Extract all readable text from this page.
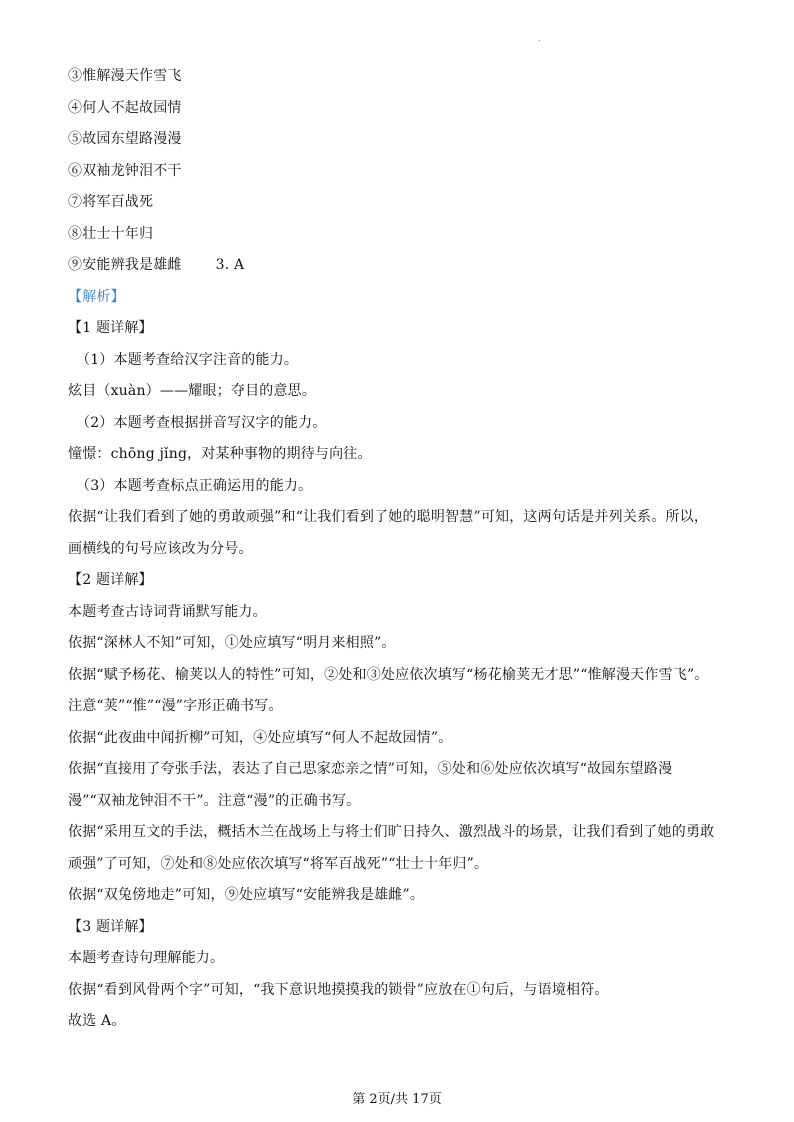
.
③惟解漫天作雪飞
④何人不起故园情
⑤故园东望路漫漫
⑥双袖龙钟泪不干
⑦将军百战死
⑧壮士十年归
⑨安能辨我是雄雌 3. A
【解析】
【1 题详解】
（1）本题考查给汉字注音的能力。
炫目（xuàn）——耀眼；夺目的意思。
（2）本题考查根据拼音写汉字的能力。
憧憬：chōng jǐng，对某种事物的期待与向往。
（3）本题考查标点正确运用的能力。
依据“让我们看到了她的勇敢顽强”和“让我们看到了她的聪明智慧”可知，这两句话是并列关系。所以，
画横线的句号应该改为分号。
【2 题详解】
本题考查古诗词背诵默写能力。
依据“深林人不知”可知，①处应填写“明月来相照”。
依据“赋予杨花、榆荚以人的特性”可知，②处和③处应依次填写“杨花榆荚无才思”“惟解漫天作雪飞”。
注意“荚”“惟”“漫”字形正确书写。
依据“此夜曲中闻折柳”可知，④处应填写“何人不起故园情”。
依据“直接用了夸张手法，表达了自己思家恋亲之情”可知，⑤处和⑥处应依次填写“故园东望路漫
漫”“双袖龙钟泪不干”。注意“漫”的正确书写。
依据“采用互文的手法，概括木兰在战场上与将士们旷日持久、激烈战斗的场景，让我们看到了她的勇敢
顽强”了可知，⑦处和⑧处应依次填写“将军百战死”“壮士十年归”。
依据“双兔傍地走”可知，⑨处应填写“安能辨我是雄雌”。
【3 题详解】
本题考查诗句理解能力。
依据“看到风骨两个字”可知，“我下意识地摸摸我的锁骨”应放在①句后，与语境相符。
故选 A。
第 2页/共 17页
